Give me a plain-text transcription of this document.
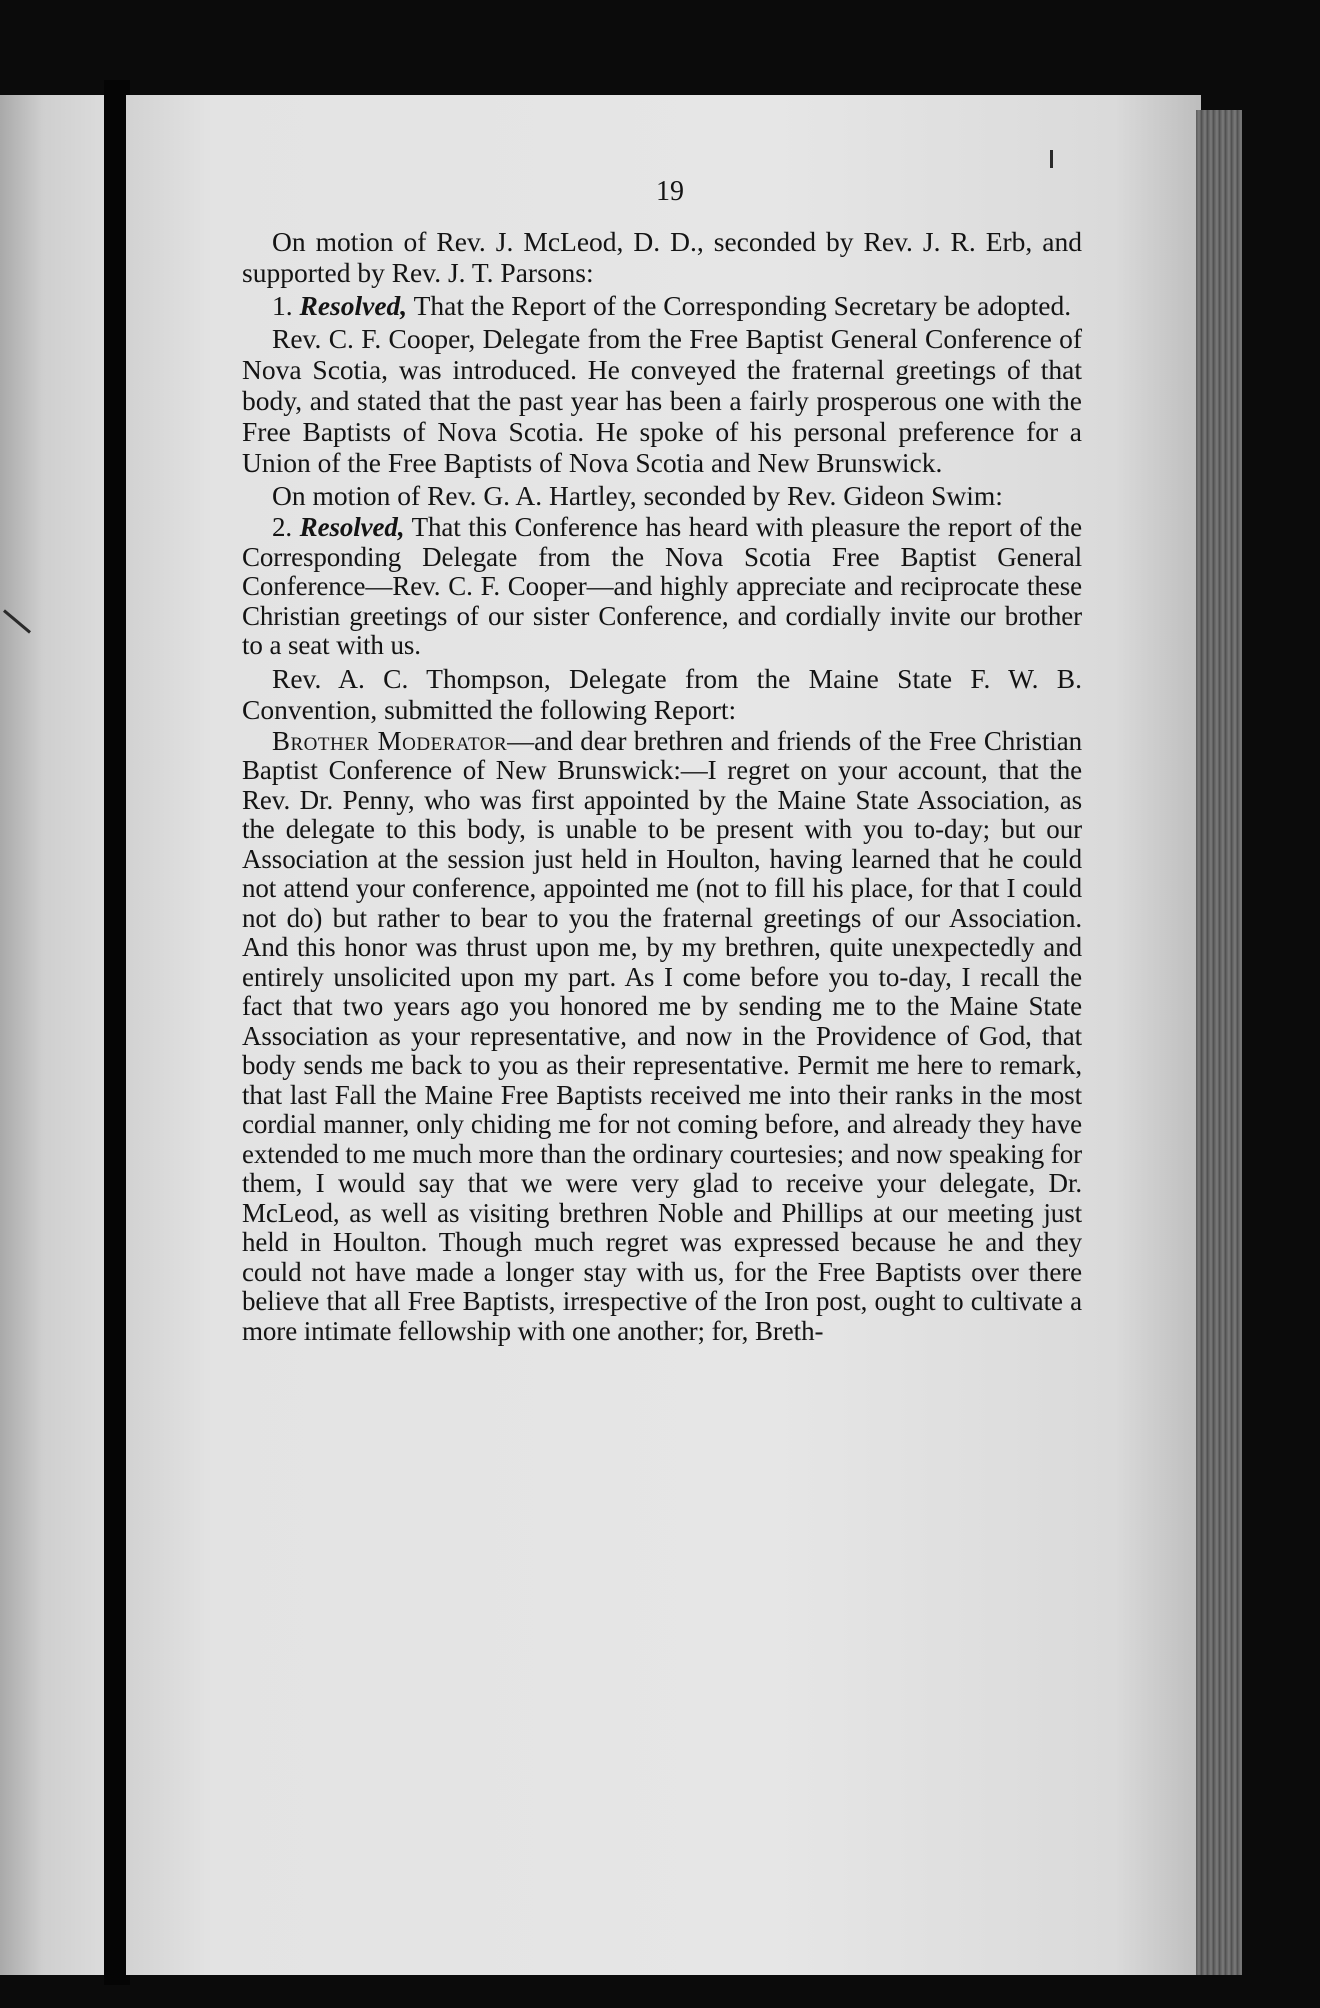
19

On motion of Rev. J. McLeod, D. D., seconded by Rev. J. R. Erb, and supported by Rev. J. T. Parsons:

1. Resolved, That the Report of the Corresponding Secretary be adopted.

Rev. C. F. Cooper, Delegate from the Free Baptist General Conference of Nova Scotia, was introduced. He conveyed the fraternal greetings of that body, and stated that the past year has been a fairly prosperous one with the Free Baptists of Nova Scotia. He spoke of his personal preference for a Union of the Free Baptists of Nova Scotia and New Brunswick.

On motion of Rev. G. A. Hartley, seconded by Rev. Gideon Swim:

2. Resolved, That this Conference has heard with pleasure the report of the Corresponding Delegate from the Nova Scotia Free Baptist General Conference—Rev. C. F. Cooper—and highly appreciate and reciprocate these Christian greetings of our sister Conference, and cordially invite our brother to a seat with us.

Rev. A. C. Thompson, Delegate from the Maine State F. W. B. Convention, submitted the following Report:

Brother Moderator—and dear brethren and friends of the Free Christian Baptist Conference of New Brunswick:—I regret on your account, that the Rev. Dr. Penny, who was first appointed by the Maine State Association, as the delegate to this body, is unable to be present with you to-day; but our Association at the session just held in Houlton, having learned that he could not attend your conference, appointed me (not to fill his place, for that I could not do) but rather to bear to you the fraternal greetings of our Association. And this honor was thrust upon me, by my brethren, quite unexpectedly and entirely unsolicited upon my part. As I come before you to-day, I recall the fact that two years ago you honored me by sending me to the Maine State Association as your representative, and now in the Providence of God, that body sends me back to you as their representative. Permit me here to remark, that last Fall the Maine Free Baptists received me into their ranks in the most cordial manner, only chiding me for not coming before, and already they have extended to me much more than the ordinary courtesies; and now speaking for them, I would say that we were very glad to receive your delegate, Dr. McLeod, as well as visiting brethren Noble and Phillips at our meeting just held in Houlton. Though much regret was expressed because he and they could not have made a longer stay with us, for the Free Baptists over there believe that all Free Baptists, irrespective of the Iron post, ought to cultivate a more intimate fellowship with one another; for, Breth-
